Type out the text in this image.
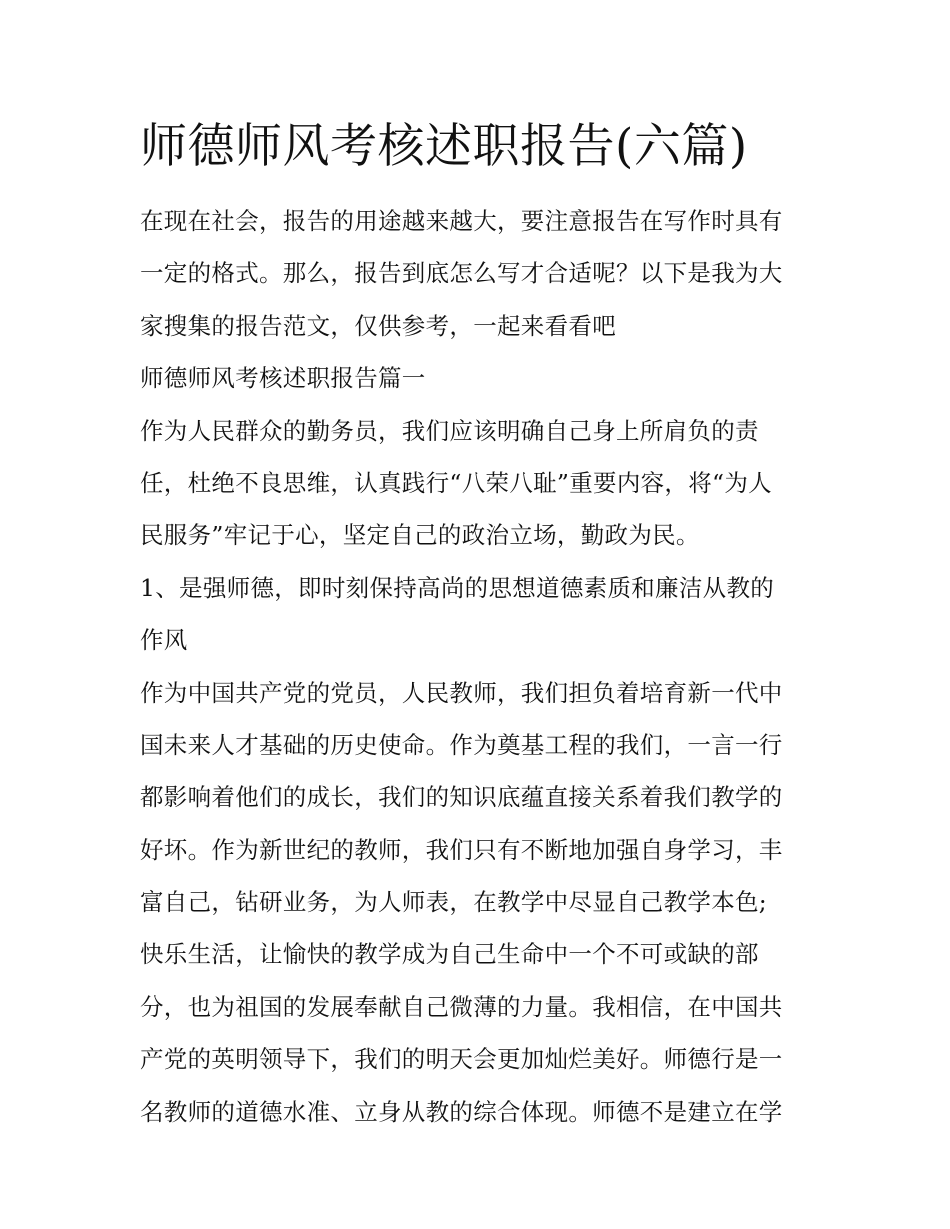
师德师风考核述职报告(六篇)
在现在社会，报告的用途越来越大，要注意报告在写作时具有
一定的格式。那么，报告到底怎么写才合适呢？以下是我为大
家搜集的报告范文，仅供参考，一起来看看吧
师德师风考核述职报告篇一
作为人民群众的勤务员，我们应该明确自己身上所肩负的责
任，杜绝不良思维，认真践行“八荣八耻”重要内容，将“为人
民服务”牢记于心，坚定自己的政治立场，勤政为民。
1、是强师德，即时刻保持高尚的思想道德素质和廉洁从教的
作风
作为中国共产党的党员，人民教师，我们担负着培育新一代中
国未来人才基础的历史使命。作为奠基工程的我们，一言一行
都影响着他们的成长，我们的知识底蕴直接关系着我们教学的
好坏。作为新世纪的教师，我们只有不断地加强自身学习，丰
富自己，钻研业务，为人师表，在教学中尽显自己教学本色;
快乐生活，让愉快的教学成为自己生命中一个不可或缺的部
分，也为祖国的发展奉献自己微薄的力量。我相信，在中国共
产党的英明领导下，我们的明天会更加灿烂美好。师德行是一
名教师的道德水准、立身从教的综合体现。师德不是建立在学
